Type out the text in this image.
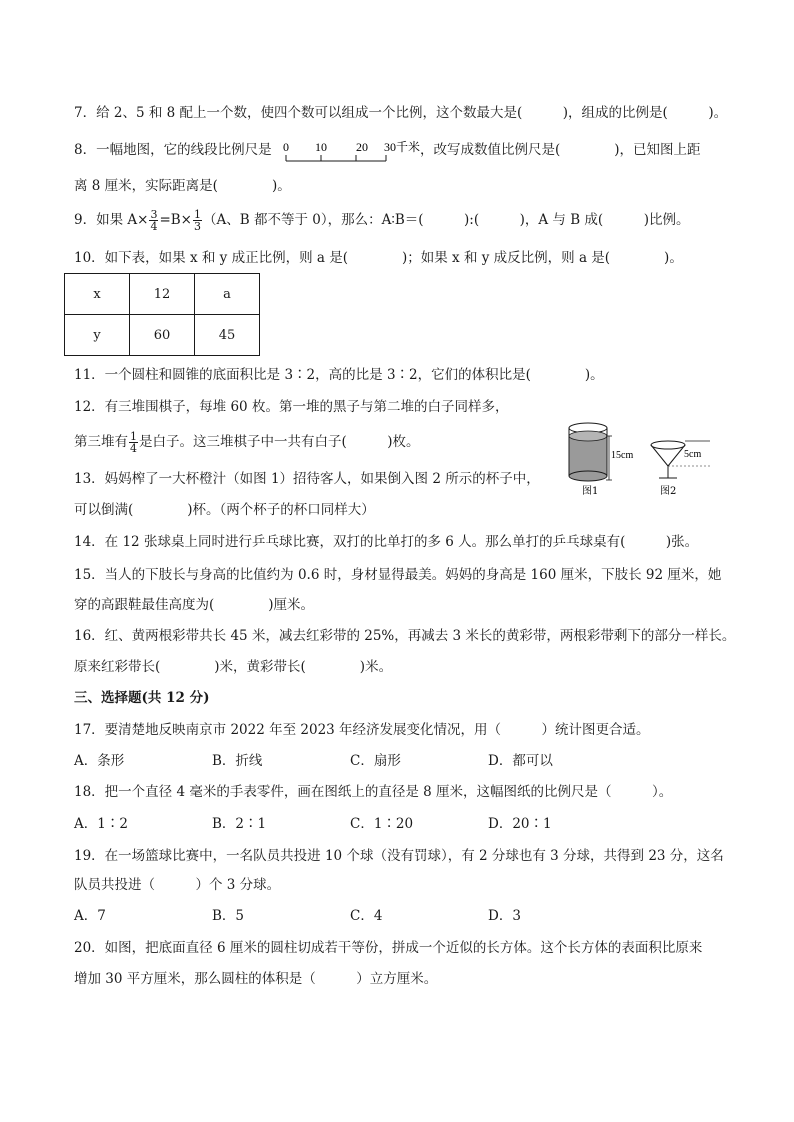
7．给 2、5 和 8 配上一个数，使四个数可以组成一个比例，这个数最大是(　　　)，组成的比例是(　　　)。
8．一幅地图，它的线段比例尺是 0 10 20 30千米 ，改写成数值比例尺是(　　　　)，已知图上距
离 8 厘米，实际距离是(　　　　)。
9．如果 $A\times \frac{3}{4} =B\times \frac{1}{3} (A$、B 都不等于 0），那么：A∶B＝(　　　):(　　　)，A 与 B 成(　　　)比例。
10．如下表，如果 x 和 y 成正比例，则 a 是(　　　　)；如果 x 和 y 成反比例，则 a 是(　　　　)。
x	12	a
y	60	45
11．一个圆柱和圆锥的底面积比是 3∶2，高的比是 3∶2，它们的体积比是(　　　　)。
12．有三堆围棋子，每堆 60 枚。第一堆的黑子与第二堆的白子同样多，
第三堆有 $\frac{1}{4}$ 是白子。这三堆棋子中一共有白子(　　　)枚。
13．妈妈榨了一大杯橙汁（如图 1）招待客人，如果倒入图 2 所示的杯子中，
可以倒满(　　　　)杯。（两个杯子的杯口同样大）
15cm
图1
5cm
图2
14．在 12 张球桌上同时进行乒乓球比赛，双打的比单打的多 6 人。那么单打的乒乓球桌有(　　　)张。
15．当人的下肢长与身高的比值约为 0.6 时，身材显得最美。妈妈的身高是 160 厘米，下肢长 92 厘米，她
穿的高跟鞋最佳高度为(　　　　)厘米。
16．红、黄两根彩带共长 45 米，减去红彩带的 25%，再减去 3 米长的黄彩带，两根彩带剩下的部分一样长。
原来红彩带长(　　　　)米，黄彩带长(　　　　)米。
三、选择题(共 12 分)
17．要清楚地反映南京市 2022 年至 2023 年经济发展变化情况，用（　　　）统计图更合适。
A．条形	B．折线	C．扇形	D．都可以
18．把一个直径 4 毫米的手表零件，画在图纸上的直径是 8 厘米，这幅图纸的比例尺是（　　　）。
A．1∶2	B．2∶1	C．1∶20	D．20∶1
19．在一场篮球比赛中，一名队员共投进 10 个球（没有罚球），有 2 分球也有 3 分球，共得到 23 分，这名
队员共投进（　　　）个 3 分球。
A．7	B．5	C．4	D．3
20．如图，把底面直径 6 厘米的圆柱切成若干等份，拼成一个近似的长方体。这个长方体的表面积比原来
增加 30 平方厘米，那么圆柱的体积是（　　　）立方厘米。
